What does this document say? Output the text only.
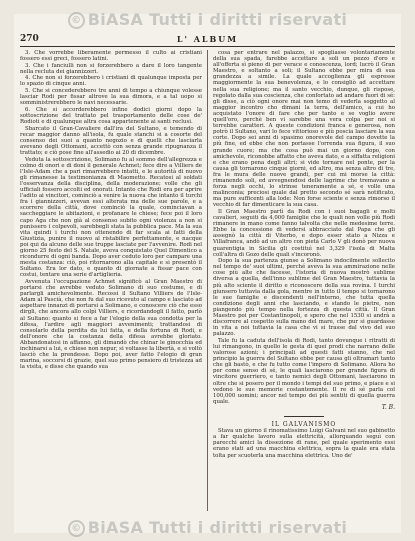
© BiASA Tutti i diritti riservati
270	L' ALBUM

3. Che vorrebbe liberamente permesso il culto ai cristiani fossero essi greci, fossero latini.

3. Che i fanciulli non si forzerebbero a dare il loro tangente nella recluta dei giannizzeri.

4. Che non si forzerebbero i cristiani di qualunque imposta per lo spazio di cinque anni.

5. Che si concederebbero tre anni di tempo a chiunque volesse lasciar Rodi per fissar altrove la sua dimora, e a tal uopo si somministrerebbero le navi necessarie.

6. Che si accorderebbero infine dodici giorni dopo la sottoscrizione del trattato pel trasportamento delle cose de' Rodioti e di qualunque altra cosa appartenente ai santi reclusi.

Sbarcato il Gran-Cavaliere dall'ira del Sultano, e temendo di recar maggior danno all'isola, fu quale stanchi si a cosorte del consenso dei suoi a quanto negozio e di quelli che lasciarla avevano degli Ottomani, accettò con senza grande ripugnanza il trattato; e ciò pose fine all'assedio ai 20 di dicembre.

Veduta la sottoscrizione, Solimano fu al sommo dell'allegrezza e colmo di onori e di doni il generale Achmet; fece dire a Villiers de l'Isle-Adam che a pari rimarrebbero intatti, e le autorità di nuovo gli rimanesse la testimonianza di Maometto. Recatosi al soldati l'osservanza della disciplina, della moderazione; volle che gli ufficiali fossero accolti ed onorati. Intanto che Rodi era per aprire l'adito ai vincitori, cominciò a venire la nuova che intanto il turchi fra i giannizzeri, avevan essi alterata ma delle sue parole, e a scorrere della città, dove cominciò la quale, cominciavan a saccheggiare le abitazioni, e profanare le chiese; fece poi il loro capo Aga che non già al consenso subito ogni violenza a non si punissero i colpevoli, sarebbegli stata la pubblica pace. Ma la sua vita quindi i turchi non ottenendo di far scala ai fatti della Giustizia, punire il nuovo al ristabilire perfettamente, e nacque poi qui da alcuno delle sue truppe lasciate per l'avvenire. Rodi nel giorno 25 festo del S. Natale, aveva conquistato Quel Dimentico a ricondurre di ogni banda. Dopo aver ceduto loro per campare una mesta costanza: ciò, poi ritornarono alla capitale e si presentò il Sultano. Era lor dato, e quanto di giornate a fissar pace con costui, tentare una serie d'artiglieria.

Avvenuta l'occupazione Achmet significò al Gran Maestro di portarsi che avrebbe veduto Solimano di suo costume, e di parlargli amichevolmente. Recossi il Sultano Villiers de l'Isle-Adam al Pascià, che non fu dal suo ricevuto al campo e lasciato ad aspettare innanzi di portarsi a Solimano, e conoscere ciò che esso dirgli, che ancora allo colpì Villiers, e ricordandogli il fatto, parlò al Sultano: quanto si fece a far l'elogio della sua condotta per la difesa, l'ardire agli maggiori avvenimenti; trattandosi di consolarlo della perdita da lui fatta, e della fortuna di Rodi, e dell'onore che la costanza della difesa avrebbe gloriato. Abbandonatosi in affanno, gli dimandò che chinar le ginocchia ed inchinarsi a lui, e chiese non nepur, si voltasse la libertà, e si voltò lasciò che la prendesse. Dopo poi, aver fatto l'elogio di gran marina, soccorsi di grazie, quel suo primo pensiero di tristezza ad la visita, e disse che quando sua

cosa per entrare nel palazzo, si spogliasse volontariamente della sua spada, farebbe accettare a soli un pezzo d'oro e all'offerta sì pieno di per verace e conoscenza, lord; lucrò il Gran Maestro, e soltanto a soli; il Sultano ebbe per mira di sua grandezza a simile. La quale accoglienza gli espresse maggiormente la sua benevolenza, e lo consigliò ad accettare nella sua religione; ma il santo vecchio, dunque, gli rispose, regolato dalla sua coscienza, che confortato ad andare fuori di sé: gli disse, a ciò ogni onore mai non temo di vederla soggetto al maggior incontro cho dimani la terra, dell'amico, a cui ho acquistato l'onore di fare che per tanto e se voglio avere quell'oro, perchè ben vi sarebbe una vera colpa per noi si terrebbe caratteri. A queste condizioni franca e generosa, non potrò il Sultano, vari lo fece vittorioso e più poscia lasciare la sua corte. Dopo sei anni di spasimo onorevole del campo dovette la più fine, ed ebbe che non portasse l'orrenda sua figura, il suo grande cuore; ma che cosa può mai un giorno dopo, con amichevole, riconobbe affatto che aveva dato, e a siffatta religioni e che erano pena degli altri; si vide tornare nel ponte, per la causa gli tornarono cinque giorni, ed altro, ma senza altro di tre, fra le mura delle nuove grandi, per cui mi morse la città: rimanendo soli, ed avvegnendosi delle lagrime che tremavano a forza negli occhi, lo strinse teneramente a sé, e volle una malinconia; preciosi quale dal pretto secondo sé sarà notificato, ma pure sufficenti alla lode: Non forse sciente e senza rimorso il vecchio di far dimenticare la sua casa.

Il Gran Maestro partì da Rodi con i suoi bagagli e molti cavalieri, seguiti da 4,000 famiglie che le quali non volle più Rodi rimanere in mano come fanno talvolta che nelle medesime terre. Ebbe la concessione di vedersi abbracciato dal Papa che gli assegnò la città di Viterbo, e dopo esser stato a Nizza e Villafranca, andò ad un altro con pietà Carlo V gli donò per nuova guarentigia in Sicilia gli costituì nel 3,329 l'isola di Malta coll'altra di Gozo delle quali s'incoronò.

Dopo la sua partenza giunse a Solimano indocilmente sollecito nel tempo de' suoi ultimi, perché aveva la sua ammirazione nelle cose più alte che facesse, l'istoria di nuova mostrò sublime diversa a quella, dell'inno sublime del Gran Maestro, tuttavia la più alto sciente il diritto e riconoscere della sua rovina. I turchi giunsero tuttavia dalla gola, mentre in tutto il tempo si tornarono le sue famiglie e discendenti nell'interno, che tutta quella condizione degli anni che lasciando, e stando le pietre, non piangendo più tempo nella fortezza di questa città. Il Gran Maestro poi per Costantinopoli, e spero che nel 1530 si andrà a discorrere al cospetto sulla mano del mare, che pur si guardasse in vita a noi tuttavia la casa che vi si trasse dal vivo del suo palazzo.

Tale fu la caduta dell'isola di Rodi, tanto dovunque i ritratti di lui rimangono, in quello le gesta di quei prodi che narrano delle valorose azioni; i principali ad questi fatti stanno, che nel principio la guerra del Sultano ebbe per causa gli oltramari tanto che gli bastò, e che fu tutto come l'impero di Solimano. Allora ho per come senso di sé, le quali lasciarono per grande figura di vincitore guerriero, e tanto nemici degli Ottomani, lasciarono in oltre che si posero per il mondo i tempi del suo primo, e piace e si vedono le sue memorie costantemente. Il re di sé parla col 100,000 uomini; ancor nel tempo dei più sentiti di quella guerra quale.

T. B.

IL GALVANISMO

Stava un giorno il rinomatissimo Luigi Galvani nel suo gabinetto a far qualche lavoro sulla elettricità, allorquando seguì con parecchi amici la dissezione di rane, pel quale sperimento essi erano stati ad una macchina elettrica, sopra la quale era stata tolta per scuoterla una macchina elettrica. Uno de'

© BiASA Tutti i diritti riservati
